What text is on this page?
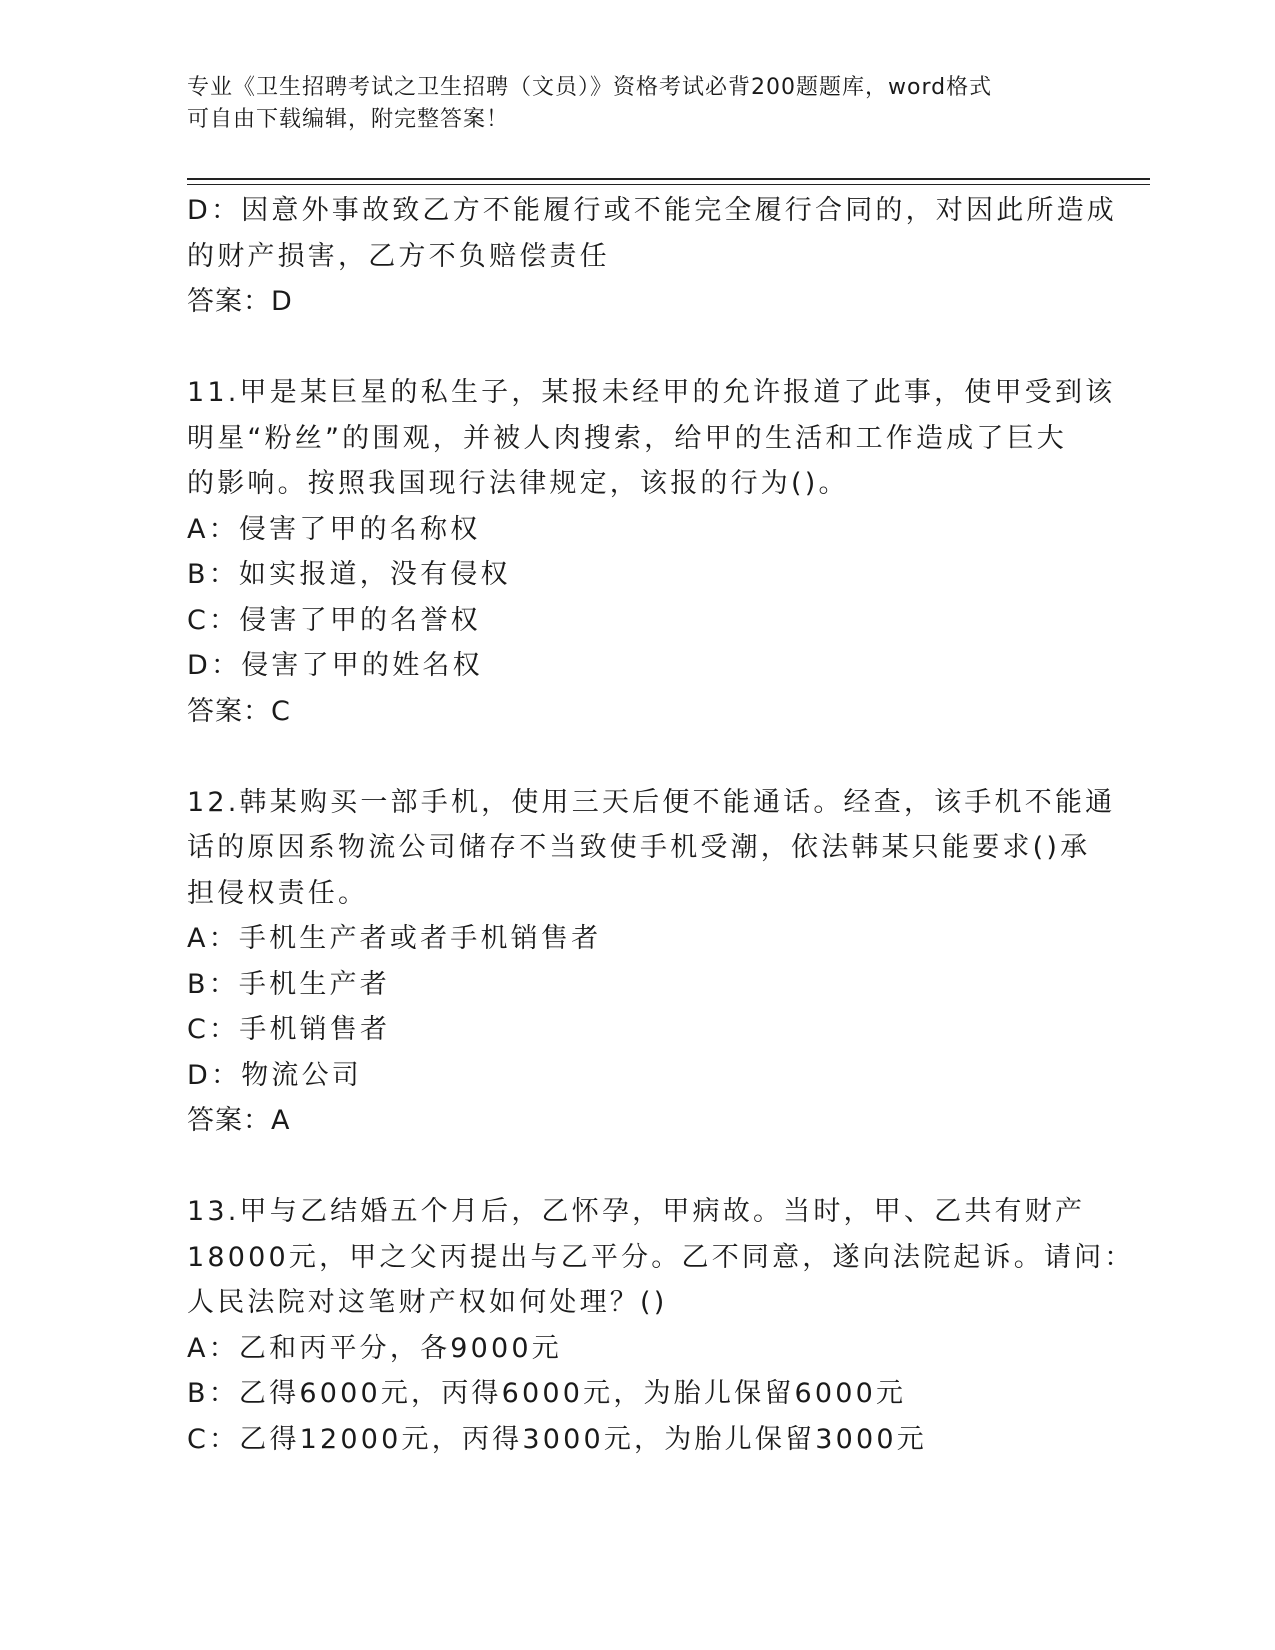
专业《卫生招聘考试之卫生招聘（文员）》资格考试必背200题题库，word格式
可自由下载编辑，附完整答案！
D：因意外事故致乙方不能履行或不能完全履行合同的，对因此所造成
的财产损害，乙方不负赔偿责任
答案：D
11.甲是某巨星的私生子，某报未经甲的允许报道了此事，使甲受到该
明星“粉丝”的围观，并被人肉搜索，给甲的生活和工作造成了巨大
的影响。按照我国现行法律规定，该报的行为()。
A：侵害了甲的名称权
B：如实报道，没有侵权
C：侵害了甲的名誉权
D：侵害了甲的姓名权
答案：C
12.韩某购买一部手机，使用三天后便不能通话。经查，该手机不能通
话的原因系物流公司储存不当致使手机受潮，依法韩某只能要求()承
担侵权责任。
A：手机生产者或者手机销售者
B：手机生产者
C：手机销售者
D：物流公司
答案：A
13.甲与乙结婚五个月后，乙怀孕，甲病故。当时，甲、乙共有财产
18000元，甲之父丙提出与乙平分。乙不同意，遂向法院起诉。请问：
人民法院对这笔财产权如何处理？()
A：乙和丙平分，各9000元
B：乙得6000元，丙得6000元，为胎儿保留6000元
C：乙得12000元，丙得3000元，为胎儿保留3000元
